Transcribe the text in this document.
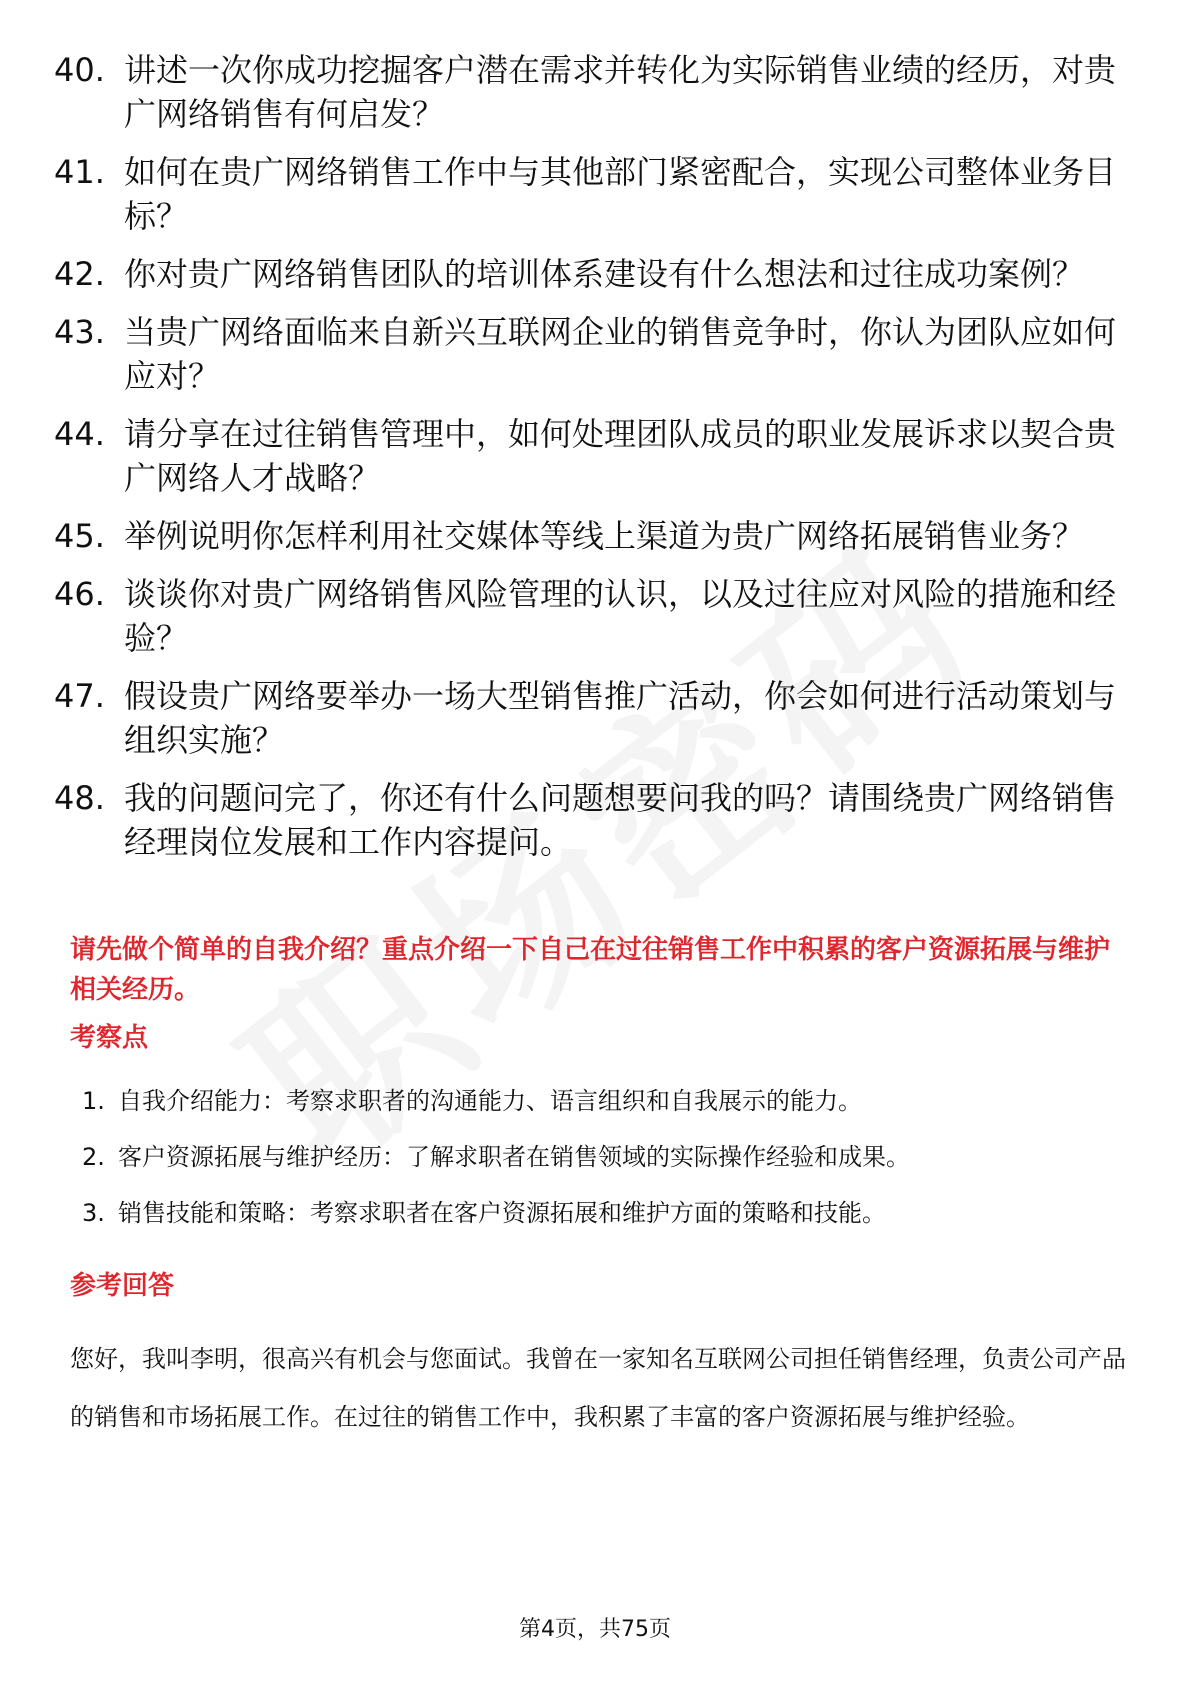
40. 讲述一次你成功挖掘客户潜在需求并转化为实际销售业绩的经历，对贵广网络销售有何启发？
41. 如何在贵广网络销售工作中与其他部门紧密配合，实现公司整体业务目标？
42. 你对贵广网络销售团队的培训体系建设有什么想法和过往成功案例？
43. 当贵广网络面临来自新兴互联网企业的销售竞争时，你认为团队应如何应对？
44. 请分享在过往销售管理中，如何处理团队成员的职业发展诉求以契合贵广网络人才战略？
45. 举例说明你怎样利用社交媒体等线上渠道为贵广网络拓展销售业务？
46. 谈谈你对贵广网络销售风险管理的认识，以及过往应对风险的措施和经验？
47. 假设贵广网络要举办一场大型销售推广活动，你会如何进行活动策划与组织实施？
48. 我的问题问完了，你还有什么问题想要问我的吗？请围绕贵广网络销售经理岗位发展和工作内容提问。
请先做个简单的自我介绍？重点介绍一下自己在过往销售工作中积累的客户资源拓展与维护相关经历。
考察点
1. 自我介绍能力：考察求职者的沟通能力、语言组织和自我展示的能力。
2. 客户资源拓展与维护经历：了解求职者在销售领域的实际操作经验和成果。
3. 销售技能和策略：考察求职者在客户资源拓展和维护方面的策略和技能。
参考回答

您好，我叫李明，很高兴有机会与您面试。我曾在一家知名互联网公司担任销售经理，负责公司产品的销售和市场拓展工作。在过往的销售工作中，我积累了丰富的客户资源拓展与维护经验。

第4页，共75页
